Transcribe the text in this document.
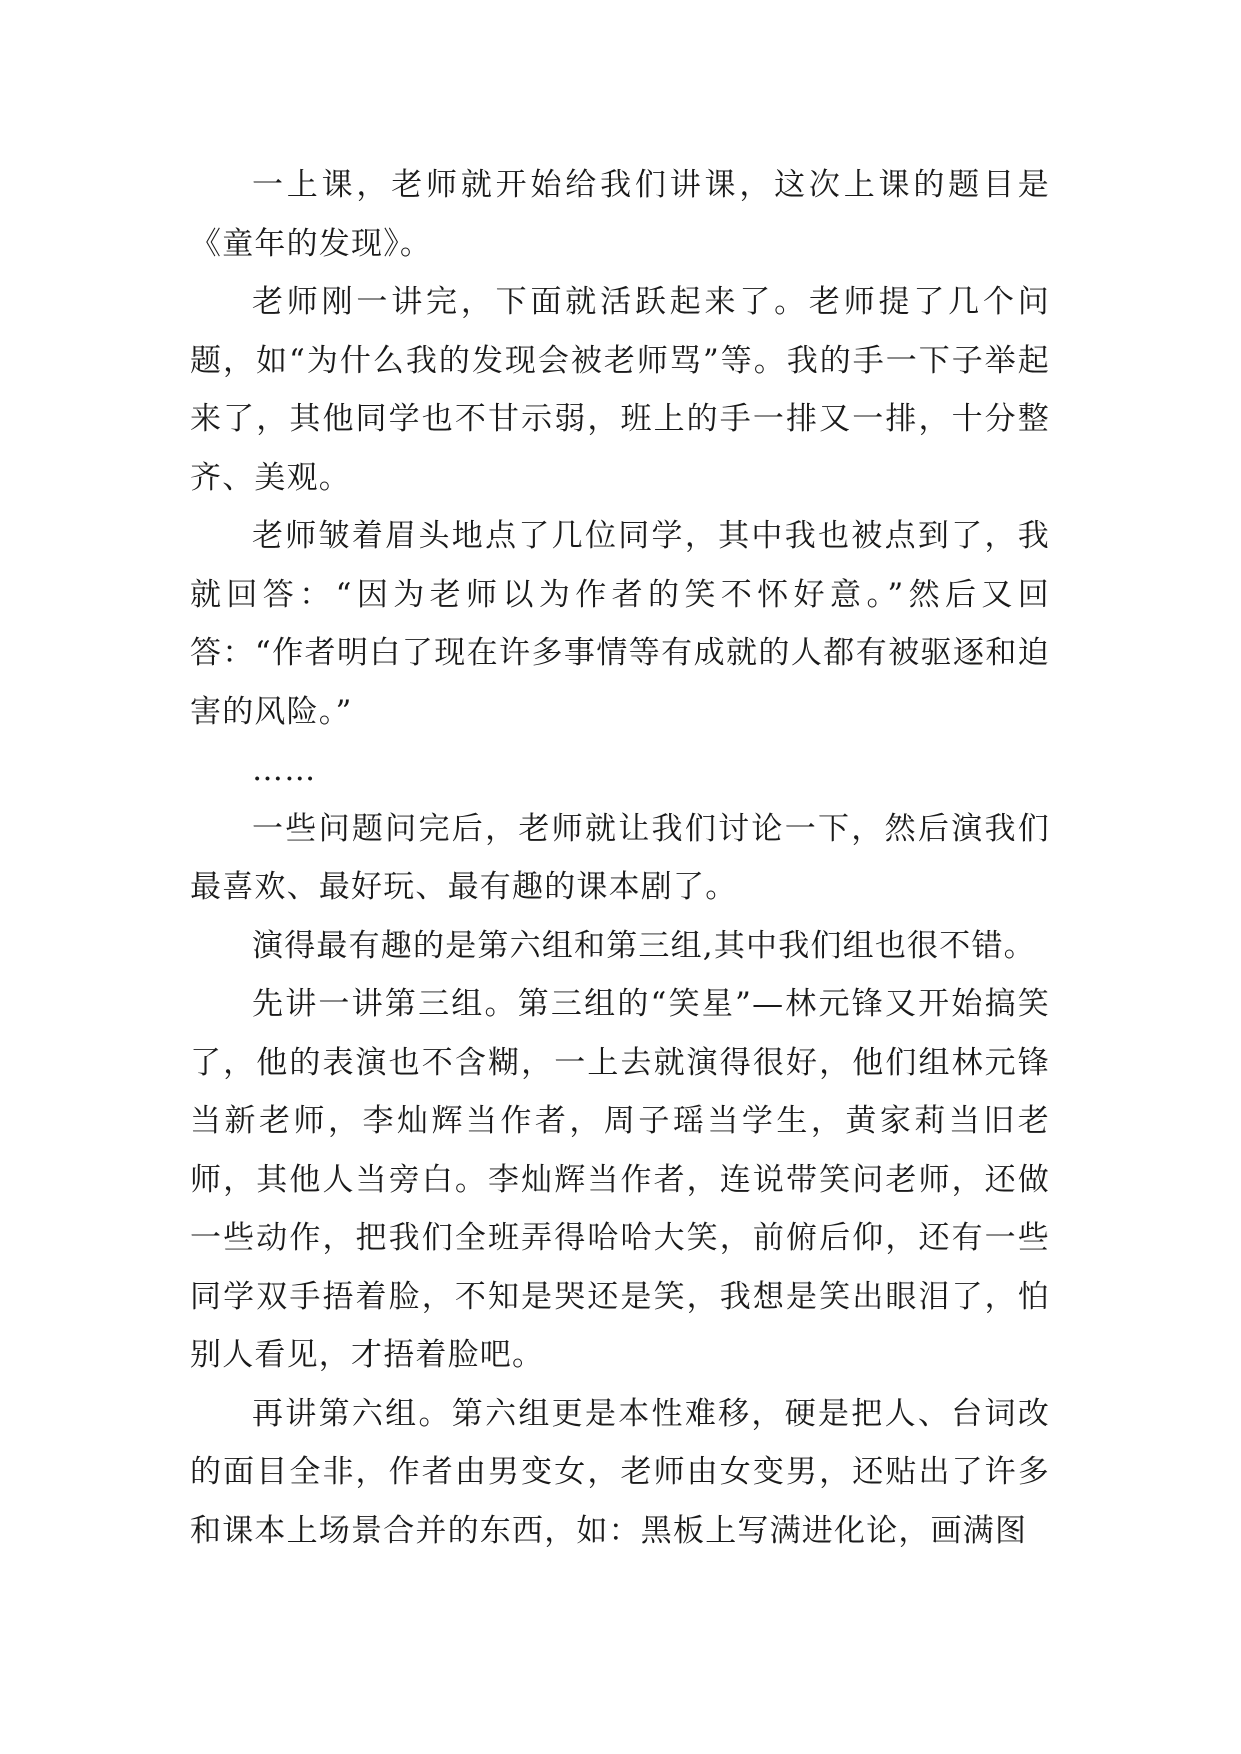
一上课，老师就开始给我们讲课，这次上课的题目是《童年的发现》。

老师刚一讲完，下面就活跃起来了。老师提了几个问题，如“为什么我的发现会被老师骂”等。我的手一下子举起来了，其他同学也不甘示弱，班上的手一排又一排，十分整齐、美观。

老师皱着眉头地点了几位同学，其中我也被点到了，我就回答：“因为老师以为作者的笑不怀好意。”然后又回答：“作者明白了现在许多事情等有成就的人都有被驱逐和迫害的风险。”

……

一些问题问完后，老师就让我们讨论一下，然后演我们最喜欢、最好玩、最有趣的课本剧了。

演得最有趣的是第六组和第三组,其中我们组也很不错。

先讲一讲第三组。第三组的“笑星”—林元锋又开始搞笑了，他的表演也不含糊，一上去就演得很好，他们组林元锋当新老师，李灿辉当作者，周子瑶当学生，黄家莉当旧老师，其他人当旁白。李灿辉当作者，连说带笑问老师，还做一些动作，把我们全班弄得哈哈大笑，前俯后仰，还有一些同学双手捂着脸，不知是哭还是笑，我想是笑出眼泪了，怕别人看见，才捂着脸吧。

再讲第六组。第六组更是本性难移，硬是把人、台词改的面目全非，作者由男变女，老师由女变男，还贴出了许多和课本上场景合并的东西，如：黑板上写满进化论，画满图
